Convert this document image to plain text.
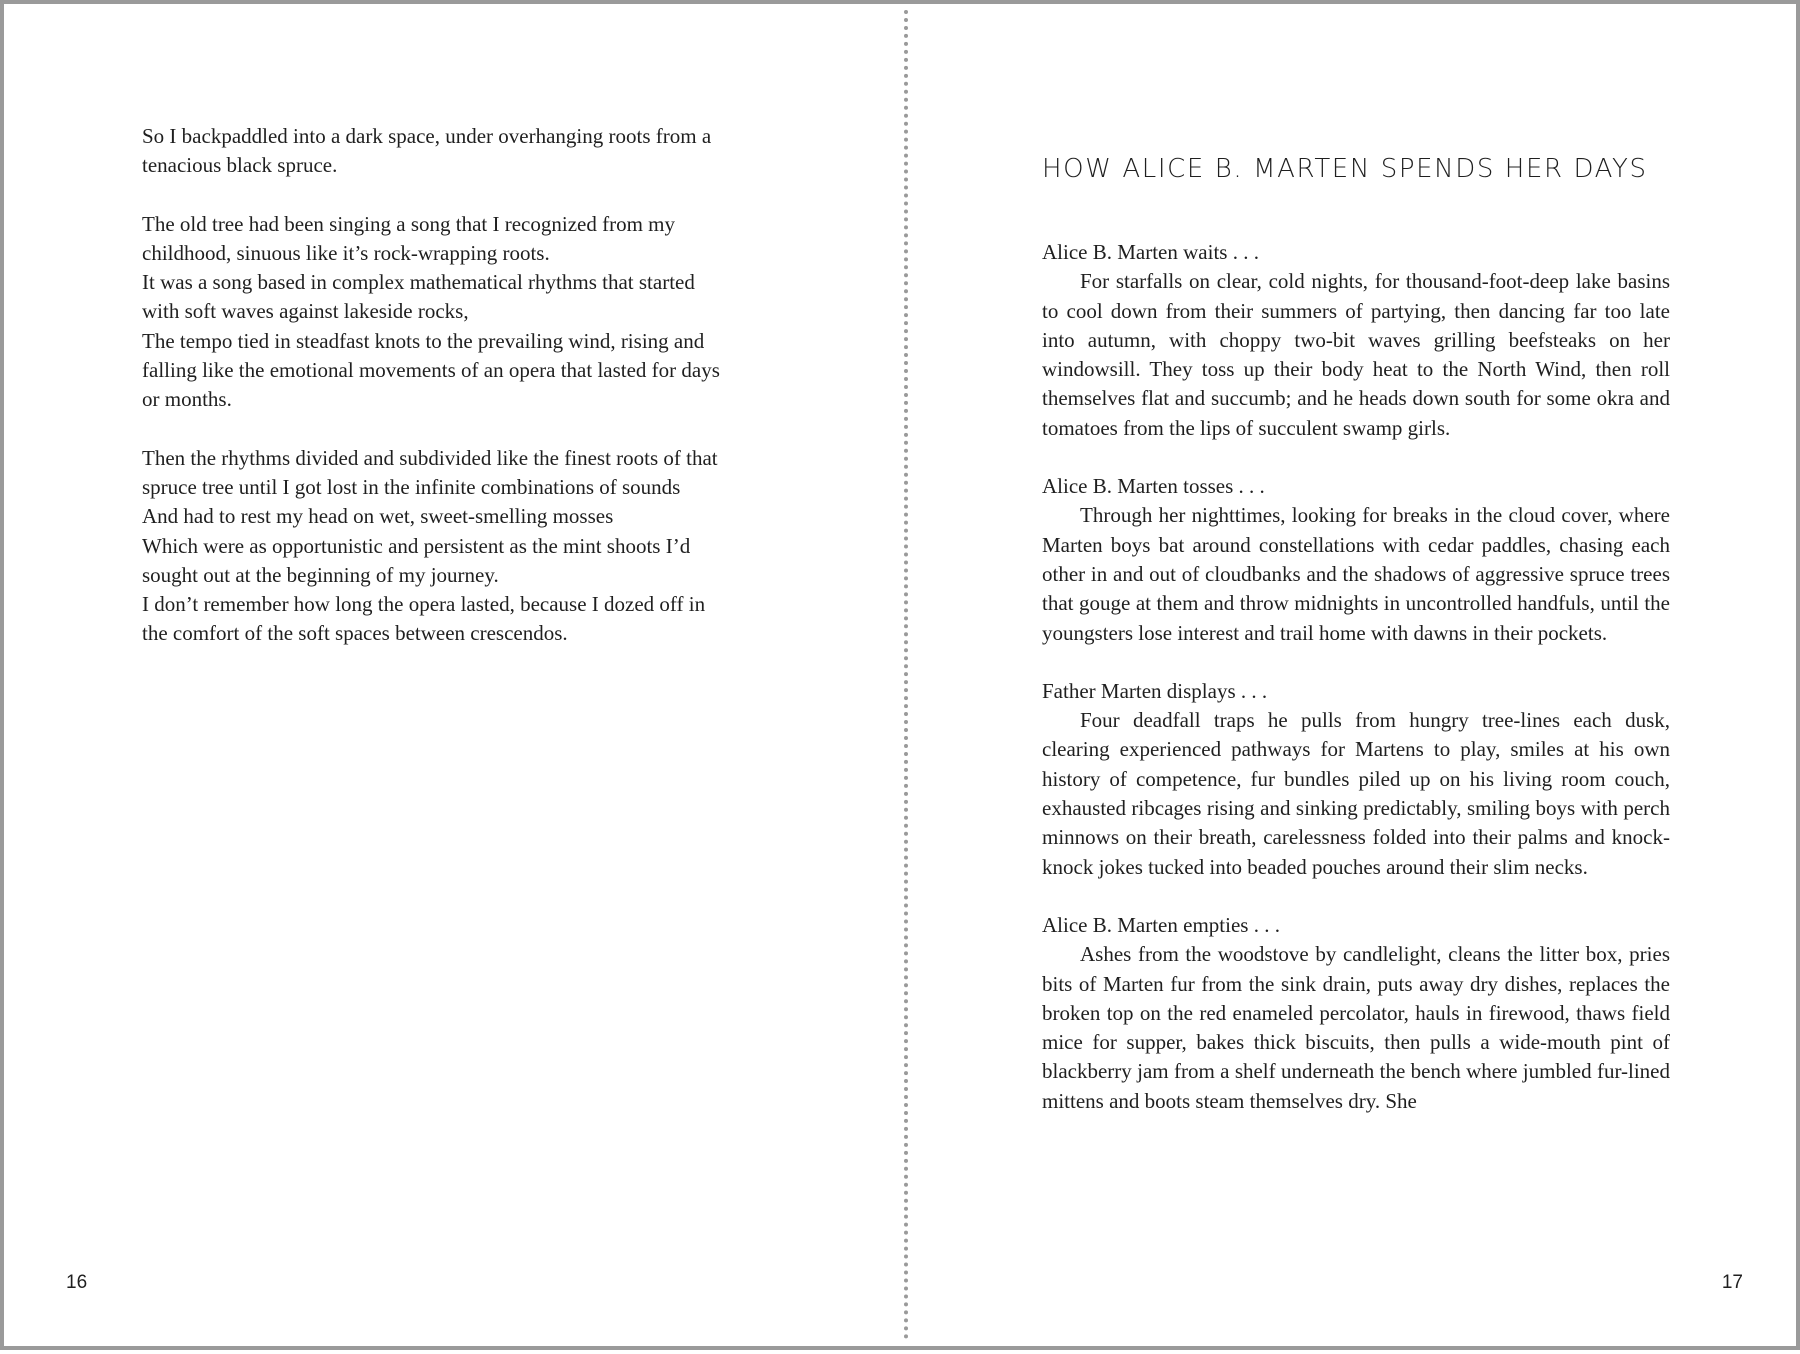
So I backpaddled into a dark space, under overhanging roots from a
tenacious black spruce.
The old tree had been singing a song that I recognized from my
childhood, sinuous like it’s rock-wrapping roots.
It was a song based in complex mathematical rhythms that started
with soft waves against lakeside rocks,
The tempo tied in steadfast knots to the prevailing wind, rising and
falling like the emotional movements of an opera that lasted for days
or months.
Then the rhythms divided and subdivided like the finest roots of that
spruce tree until I got lost in the infinite combinations of sounds
And had to rest my head on wet, sweet-smelling mosses
Which were as opportunistic and persistent as the mint shoots I’d
sought out at the beginning of my journey.
I don’t remember how long the opera lasted, because I dozed off in
the comfort of the soft spaces between crescendos.
16
HOW ALICE B. MARTEN SPENDS HER DAYS
Alice B. Marten waits . . .
For starfalls on clear, cold nights, for thousand-foot-deep lake basins to cool down from their summers of partying, then dancing far too late into autumn, with choppy two-bit waves grilling beefsteaks on her windowsill. They toss up their body heat to the North Wind, then roll themselves flat and succumb; and he heads down south for some okra and tomatoes from the lips of succulent swamp girls.
Alice B. Marten tosses . . .
Through her nighttimes, looking for breaks in the cloud cover, where Marten boys bat around constellations with cedar paddles, chasing each other in and out of cloudbanks and the shadows of aggressive spruce trees that gouge at them and throw midnights in uncontrolled handfuls, until the youngsters lose interest and trail home with dawns in their pockets.
Father Marten displays . . .
Four deadfall traps he pulls from hungry tree-lines each dusk, clearing experienced pathways for Martens to play, smiles at his own history of competence, fur bundles piled up on his living room couch, exhausted ribcages rising and sinking predictably, smiling boys with perch minnows on their breath, carelessness folded into their palms and knock-knock jokes tucked into beaded pouches around their slim necks.
Alice B. Marten empties . . .
Ashes from the woodstove by candlelight, cleans the litter box, pries bits of Marten fur from the sink drain, puts away dry dishes, replaces the broken top on the red enameled percolator, hauls in firewood, thaws field mice for supper, bakes thick biscuits, then pulls a wide-mouth pint of blackberry jam from a shelf underneath the bench where jumbled fur-lined mittens and boots steam themselves dry. She
17
